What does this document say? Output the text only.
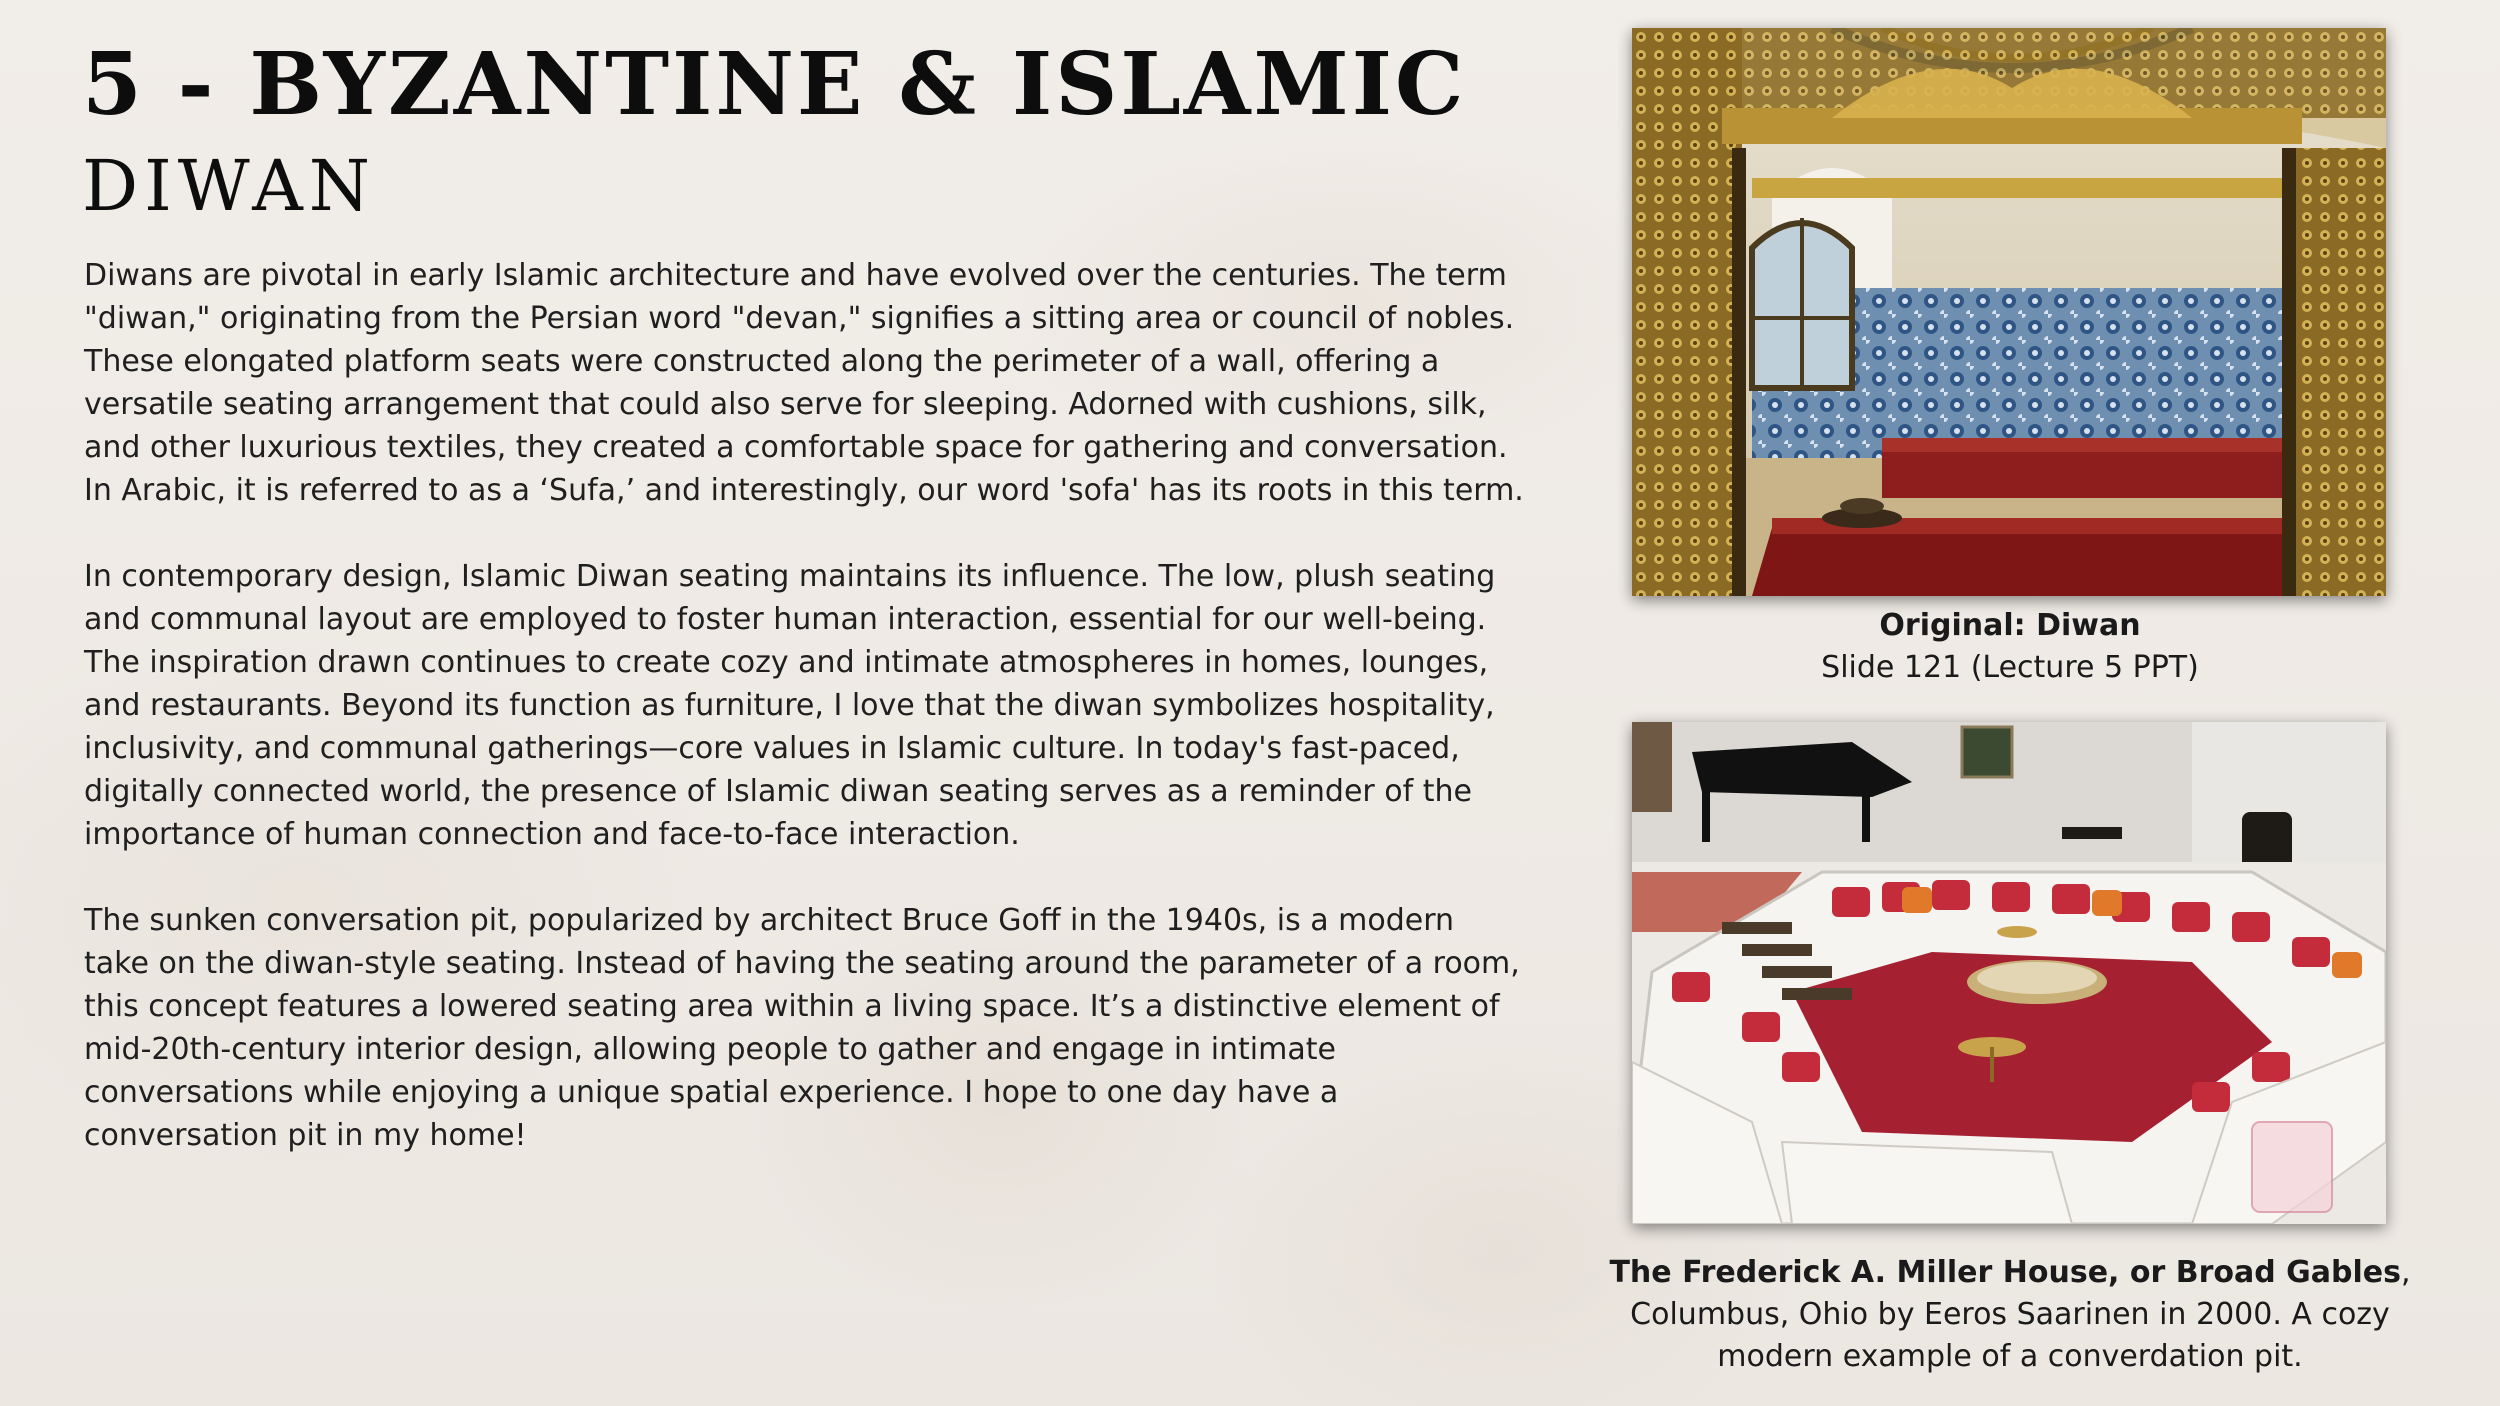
5 - BYZANTINE & ISLAMIC
DIWAN

Diwans are pivotal in early Islamic architecture and have evolved over the centuries. The term "diwan," originating from the Persian word "devan," signifies a sitting area or council of nobles. These elongated platform seats were constructed along the perimeter of a wall, offering a versatile seating arrangement that could also serve for sleeping. Adorned with cushions, silk, and other luxurious textiles, they created a comfortable space for gathering and conversation. In Arabic, it is referred to as a ‘Sufa,’ and interestingly, our word 'sofa' has its roots in this term.

In contemporary design, Islamic Diwan seating maintains its influence. The low, plush seating and communal layout are employed to foster human interaction, essential for our well-being. The inspiration drawn continues to create cozy and intimate atmospheres in homes, lounges, and restaurants. Beyond its function as furniture, I love that the diwan symbolizes hospitality, inclusivity, and communal gatherings—core values in Islamic culture. In today's fast-paced, digitally connected world, the presence of Islamic diwan seating serves as a reminder of the importance of human connection and face-to-face interaction.

The sunken conversation pit, popularized by architect Bruce Goff in the 1940s, is a modern take on the diwan-style seating. Instead of having the seating around the parameter of a room, this concept features a lowered seating area within a living space. It’s a distinctive element of mid-20th-century interior design, allowing people to gather and engage in intimate conversations while enjoying a unique spatial experience. I hope to one day have a conversation pit in my home!

Original: Diwan
Slide 121 (Lecture 5 PPT)
The Frederick A. Miller House, or Broad Gables, Columbus, Ohio by Eeros Saarinen in 2000. A cozy modern example of a converdation pit.
